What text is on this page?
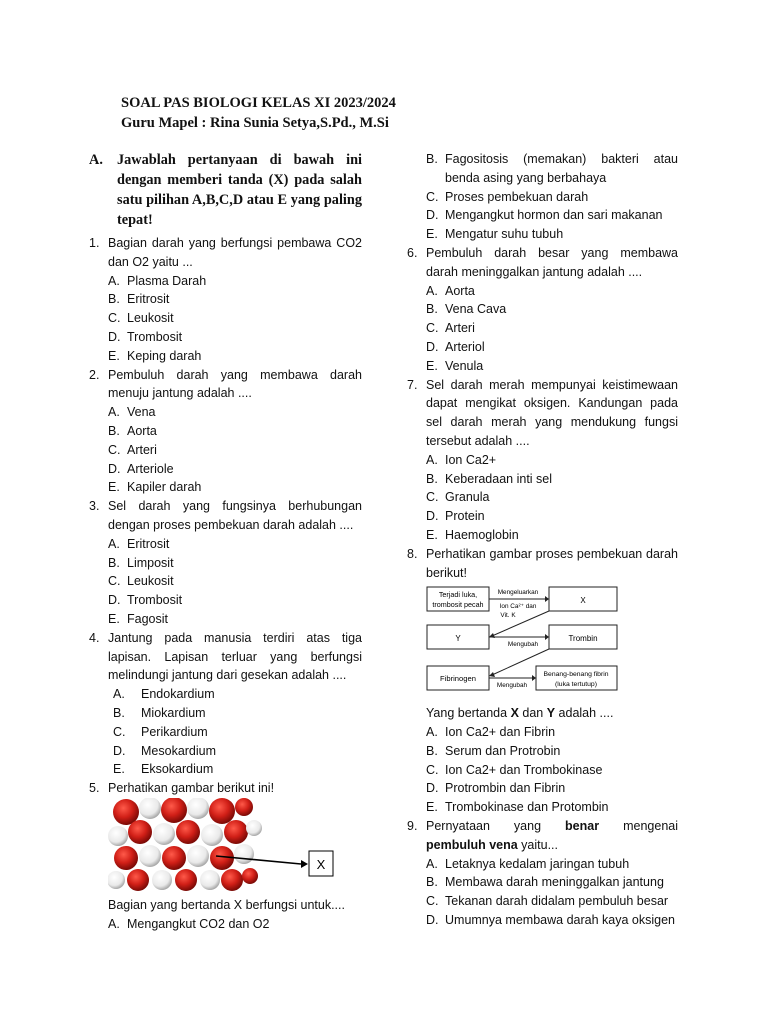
SOAL PAS BIOLOGI KELAS XI 2023/2024
Guru Mapel : Rina Sunia Setya,S.Pd., M.Si
A. Jawablah pertanyaan di bawah ini dengan memberi tanda (X) pada salah satu pilihan A,B,C,D atau E yang paling tepat!
1. Bagian darah yang berfungsi pembawa CO2 dan O2 yaitu ...
A. Plasma Darah
B. Eritrosit
C. Leukosit
D. Trombosit
E. Keping darah
2. Pembuluh darah yang membawa darah menuju jantung adalah ....
A. Vena
B. Aorta
C. Arteri
D. Arteriole
E. Kapiler darah
3. Sel darah yang fungsinya berhubungan dengan proses pembekuan darah adalah ....
A. Eritrosit
B. Limposit
C. Leukosit
D. Trombosit
E. Fagosit
4. Jantung pada manusia terdiri atas tiga lapisan. Lapisan terluar yang berfungsi melindungi jantung dari gesekan adalah ....
A.	Endokardium
B.	Miokardium
C.	Perikardium
D.	Mesokardium
E.	Eksokardium
5. Perhatikan gambar berikut ini!
X
Bagian yang bertanda X berfungsi untuk....
A. Mengangkut CO2 dan O2
B. Fagositosis (memakan) bakteri atau benda asing yang berbahaya
C. Proses pembekuan darah
D. Mengangkut hormon dan sari makanan
E. Mengatur suhu tubuh
6. Pembuluh darah besar yang membawa darah meninggalkan jantung adalah ....
A. Aorta
B. Vena Cava
C. Arteri
D. Arteriol
E. Venula
7. Sel darah merah mempunyai keistimewaan dapat mengikat oksigen. Kandungan pada sel darah merah yang mendukung fungsi tersebut adalah ....
A. Ion Ca2+
B. Keberadaan inti sel
C. Granula
D. Protein
E. Haemoglobin
8. Perhatikan gambar proses pembekuan darah berikut!
Terjadi luka,
trombosit pecah	X
Y	Trombin
Fibrinogen	Benang-benang fibrin
(luka tertutup)
Mengeluarkan
Ion Ca²⁺ dan
Vit. K
Mengubah
Mengubah
Yang bertanda X dan Y adalah ....
A. Ion Ca2+ dan Fibrin
B. Serum dan Protrobin
C. Ion Ca2+ dan Trombokinase
D. Protrombin dan Fibrin
E. Trombokinase dan Protombin
9. Pernyataan yang benar mengenai pembuluh vena yaitu...
A. Letaknya kedalam jaringan tubuh
B. Membawa darah meninggalkan jantung
C. Tekanan darah didalam pembuluh besar
D. Umumnya membawa darah kaya oksigen
